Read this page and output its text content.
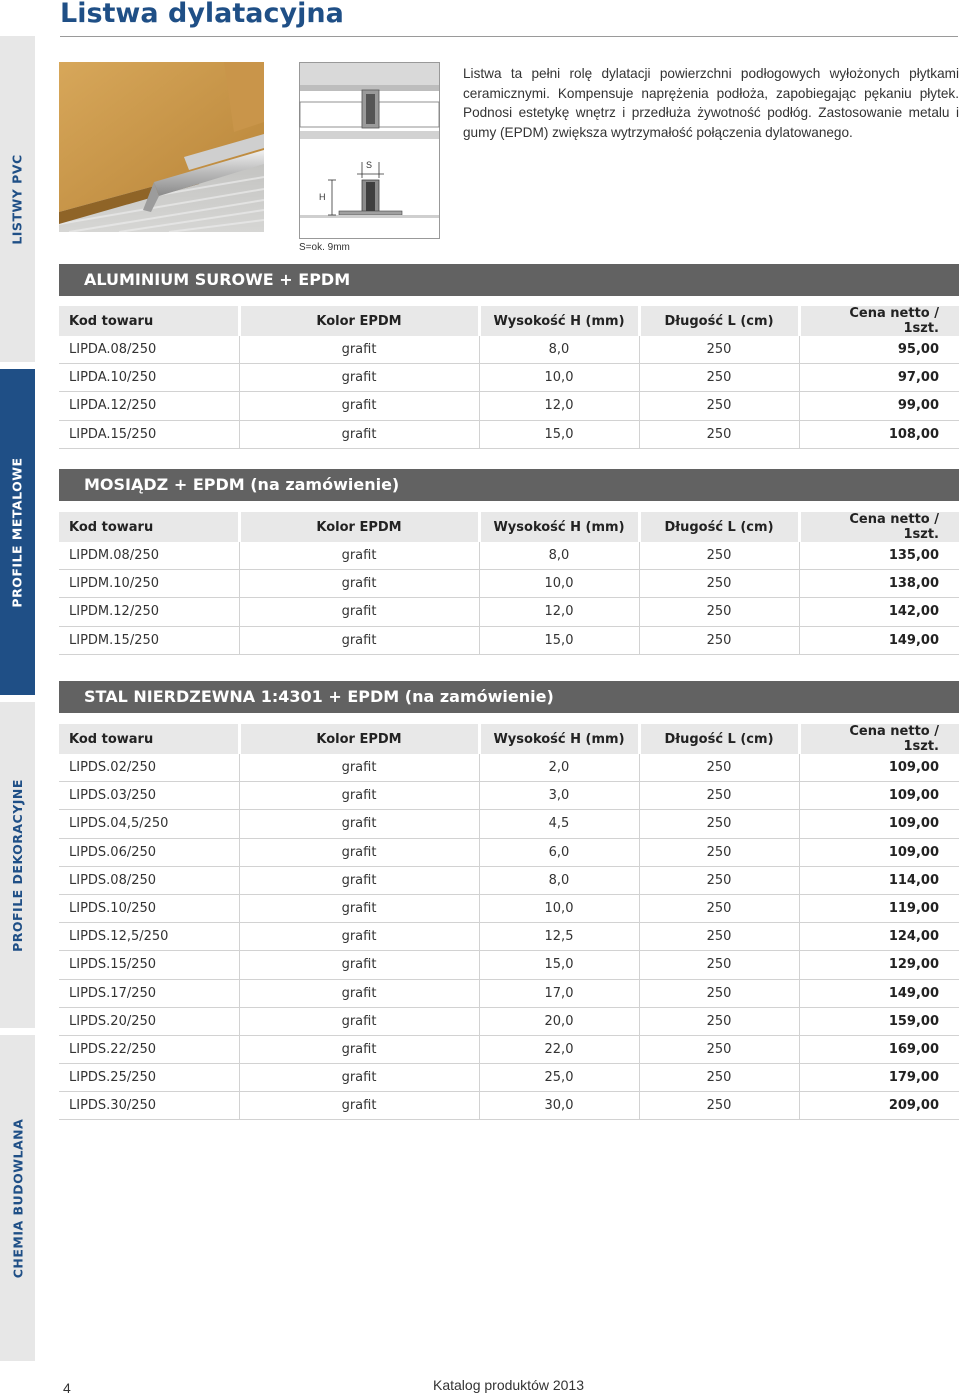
LISTWY PVC
PROFILE METALOWE
PROFILE DEKORACYJNE
CHEMIA BUDOWLANA
Listwa dylatacyjna
S
H
S=ok. 9mm

Listwa ta pełni rolę dylatacji powierzchni podłogowych wyłożonych płytkami ceramicznymi. Kompensuje naprężenia podłoża, zapobiegając pękaniu płytek. Podnosi estetykę wnętrz i przedłuża żywotność podłóg. Zastosowanie metalu i gumy (EPDM) zwiększa wytrzymałość połączenia dylatowanego.

ALUMINIUM SUROWE + EPDM
Kod towaru	Kolor EPDM	Wysokość H (mm)	Długość L (cm)	Cena netto / 1szt.
LIPDA.08/250	grafit	8,0	250	95,00
LIPDA.10/250	grafit	10,0	250	97,00
LIPDA.12/250	grafit	12,0	250	99,00
LIPDA.15/250	grafit	15,0	250	108,00
MOSIĄDZ + EPDM (na zamówienie)
Kod towaru	Kolor EPDM	Wysokość H (mm)	Długość L (cm)	Cena netto / 1szt.
LIPDM.08/250	grafit	8,0	250	135,00
LIPDM.10/250	grafit	10,0	250	138,00
LIPDM.12/250	grafit	12,0	250	142,00
LIPDM.15/250	grafit	15,0	250	149,00
STAL NIERDZEWNA 1:4301 + EPDM (na zamówienie)
Kod towaru	Kolor EPDM	Wysokość H (mm)	Długość L (cm)	Cena netto / 1szt.
LIPDS.02/250	grafit	2,0	250	109,00
LIPDS.03/250	grafit	3,0	250	109,00
LIPDS.04,5/250	grafit	4,5	250	109,00
LIPDS.06/250	grafit	6,0	250	109,00
LIPDS.08/250	grafit	8,0	250	114,00
LIPDS.10/250	grafit	10,0	250	119,00
LIPDS.12,5/250	grafit	12,5	250	124,00
LIPDS.15/250	grafit	15,0	250	129,00
LIPDS.17/250	grafit	17,0	250	149,00
LIPDS.20/250	grafit	20,0	250	159,00
LIPDS.22/250	grafit	22,0	250	169,00
LIPDS.25/250	grafit	25,0	250	179,00
LIPDS.30/250	grafit	30,0	250	209,00
4	Katalog produktów 2013
